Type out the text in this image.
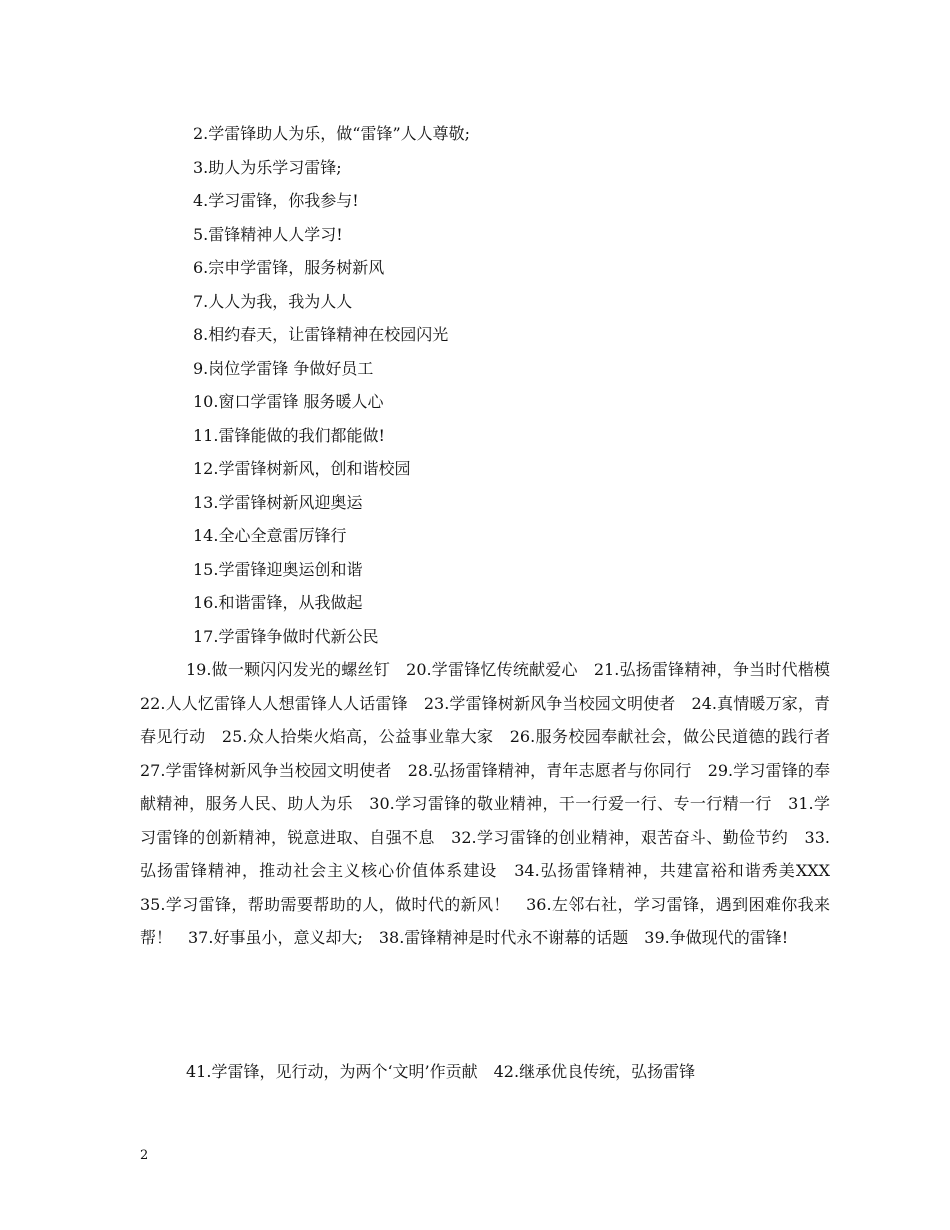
2.学雷锋助人为乐，做“雷锋”人人尊敬;
3.助人为乐学习雷锋;
4.学习雷锋，你我参与!
5.雷锋精神人人学习!
6.宗申学雷锋，服务树新风
7.人人为我，我为人人
8.相约春天，让雷锋精神在校园闪光
9.岗位学雷锋 争做好员工
10.窗口学雷锋 服务暖人心
11.雷锋能做的我们都能做!
12.学雷锋树新风，创和谐校园
13.学雷锋树新风迎奥运
14.全心全意雷厉锋行
15.学雷锋迎奥运创和谐
16.和谐雷锋，从我做起
17.学雷锋争做时代新公民

19.做一颗闪闪发光的螺丝钉　20.学雷锋忆传统献爱心　21.弘扬雷锋精神，争当时代楷模　22.人人忆雷锋人人想雷锋人人话雷锋　23.学雷锋树新风争当校园文明使者　24.真情暖万家，青春见行动　25.众人拾柴火焰高，公益事业靠大家　26.服务校园奉献社会，做公民道德的践行者　27.学雷锋树新风争当校园文明使者　28.弘扬雷锋精神，青年志愿者与你同行　29.学习雷锋的奉献精神，服务人民、助人为乐　30.学习雷锋的敬业精神，干一行爱一行、专一行精一行　31.学习雷锋的创新精神，锐意进取、自强不息　32.学习雷锋的创业精神，艰苦奋斗、勤俭节约　33.弘扬雷锋精神，推动社会主义核心价值体系建设　34.弘扬雷锋精神，共建富裕和谐秀美XXX　35.学习雷锋，帮助需要帮助的人，做时代的新风！　36.左邻右社，学习雷锋，遇到困难你我来帮！　37.好事虽小，意义却大;　38.雷锋精神是时代永不谢幕的话题　39.争做现代的雷锋!

41.学雷锋，见行动，为两个‘文明’作贡献　42.继承优良传统，弘扬雷锋

2
